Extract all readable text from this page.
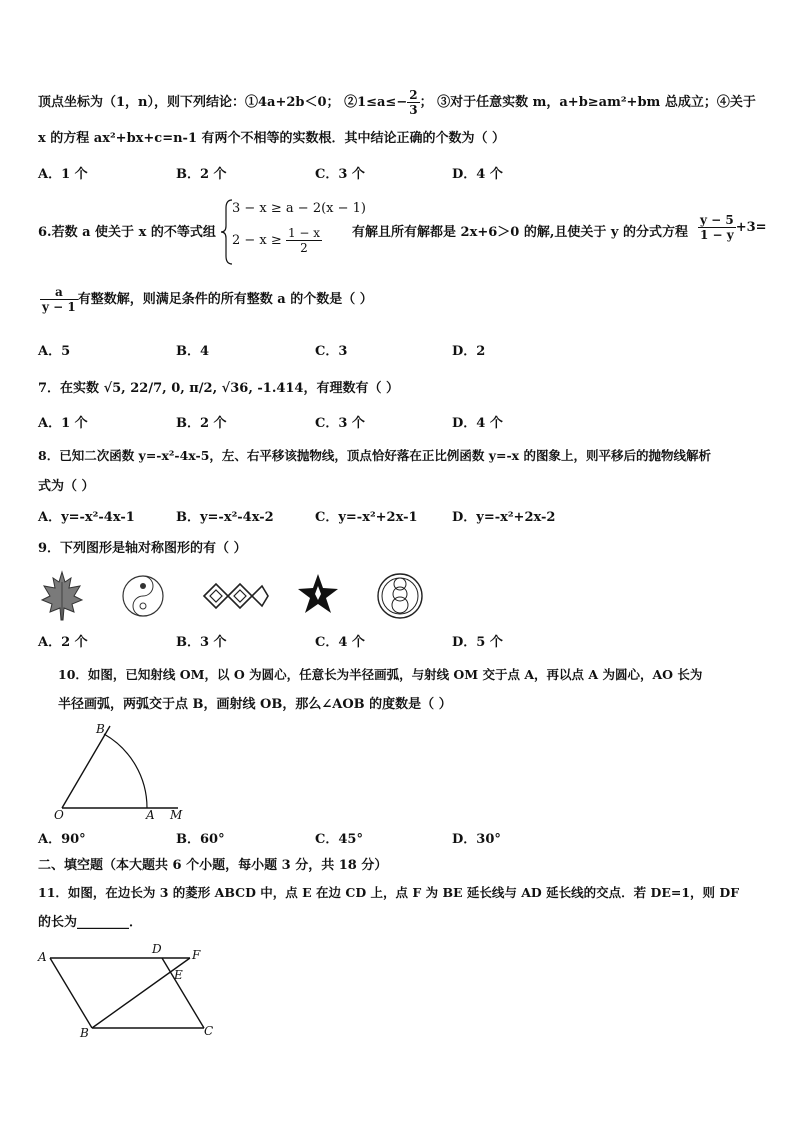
顶点坐标为（1，n），则下列结论：①4a+2b＜0； ②1≤a≤− $\frac{2}{3}$ ； ③对于任意实数 m，a+b≥am²+bm 总成立；④关于
x 的方程 ax²+bx+c=n-1 有两个不相等的实数根．其中结论正确的个数为（ ）
A．1 个	B．2 个	C．3 个	D．4 个
6.若数 a 使关于 x 的不等式组
3 − x ≥ a − 2(x − 1)
$2 - x \ge \frac{1 - x}{2}$ 有解且所有解都是 2x+6＞0 的解,且使关于 y 的分式方程 $\frac{y - 5}{1 - y} +3=$
$\frac{a}{y - 1}$ 有整数解，则满足条件的所有整数 a 的个数是（ ）
A．5	B．4	C．3	D．2
7．在实数 √5, 22/7, 0, π/2, √36, -1.414，有理数有（ ）
A．1 个	B．2 个	C．3 个	D．4 个
8．已知二次函数 y=-x²-4x-5，左、右平移该抛物线，顶点恰好落在正比例函数 y=-x 的图象上，则平移后的抛物线解析
式为（ ）
A．y=-x²-4x-1	B．y=-x²-4x-2	C．y=-x²+2x-1	D．y=-x²+2x-2
9．下列图形是轴对称图形的有（ ）
A．2 个	B．3 个	C．4 个	D．5 个
10．如图，已知射线 OM，以 O 为圆心，任意长为半径画弧，与射线 OM 交于点 A，再以点 A 为圆心，AO 长为
半径画弧，两弧交于点 B，画射线 OB，那么∠AOB 的度数是（ ）
B
O	A M
A．90°	B．60°	C．45°	D．30°
二、填空题（本大题共 6 个小题，每小题 3 分，共 18 分）
11．如图，在边长为 3 的菱形 ABCD 中，点 E 在边 CD 上，点 F 为 BE 延长线与 AD 延长线的交点．若 DE=1，则 DF
的长为________．
A
D	F
E
B	C
